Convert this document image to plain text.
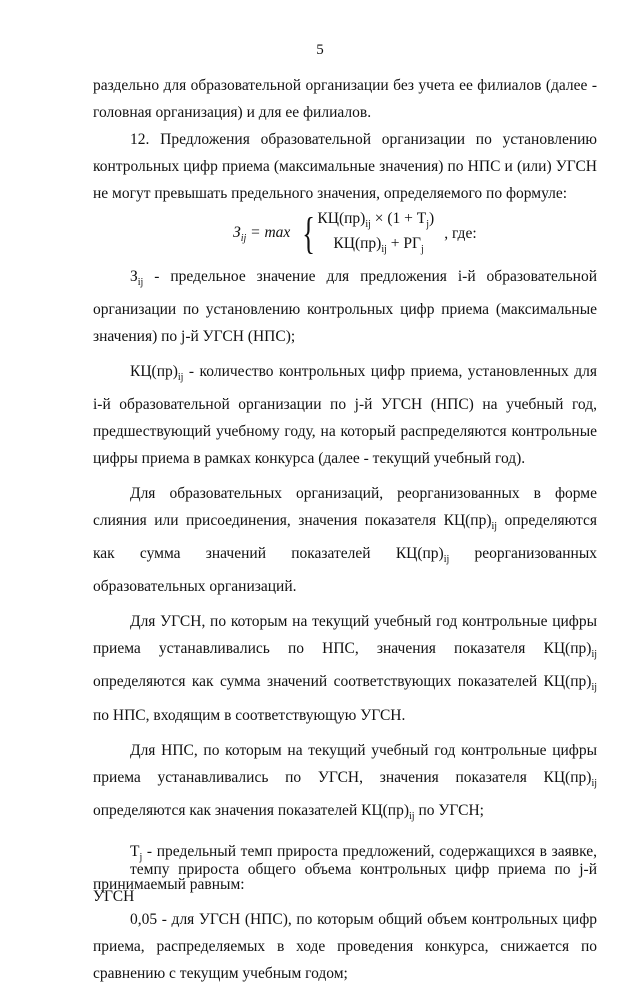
5

раздельно для образовательной организации без учета ее филиалов (далее - головная организация) и для ее филиалов.

12. Предложения образовательной организации по установлению контрольных цифр приема (максимальные значения) по НПС и (или) УГСН не могут превышать предельного значения, определяемого по формуле:

$З_{ij} = \max$ { $КЦ(пр)_{ij} \times (1 + Т_j)$
$КЦ(пр)_{ij} + РГ_j$
, где:

$З_{ij}$ - предельное значение для предложения i-й образовательной организации по установлению контрольных цифр приема (максимальные значения) по j-й УГСН (НПС);

$КЦ(пр)_{ij}$ - количество контрольных цифр приема, установленных для i-й образовательной организации по j-й УГСН (НПС) на учебный год, предшествующий учебному году, на который распределяются контрольные цифры приема в рамках конкурса (далее - текущий учебный год).

Для образовательных организаций, реорганизованных в форме слияния или присоединения, значения показателя $КЦ(пр)_{ij}$ определяются как сумма значений показателей $КЦ(пр)_{ij}$ реорганизованных образовательных организаций.

Для УГСН, по которым на текущий учебный год контрольные цифры приема устанавливались по НПС, значения показателя $КЦ(пр)_{ij}$ определяются как сумма значений соответствующих показателей $КЦ(пр)_{ij}$ по НПС, входящим в соответствующую УГСН.

Для НПС, по которым на текущий учебный год контрольные цифры приема устанавливались по УГСН, значения показателя $КЦ(пр)_{ij}$ определяются как значения показателей $КЦ(пр)_{ij}$ по УГСН;

$Т_j$ - предельный темп прироста предложений, содержащихся в заявке, принимаемый равным:

0,05 - для УГСН (НПС), по которым общий объем контрольных цифр приема, распределяемых в ходе проведения конкурса, снижается по сравнению с текущим учебным годом;

темпу прироста общего объема контрольных цифр приема по j-й УГСН
